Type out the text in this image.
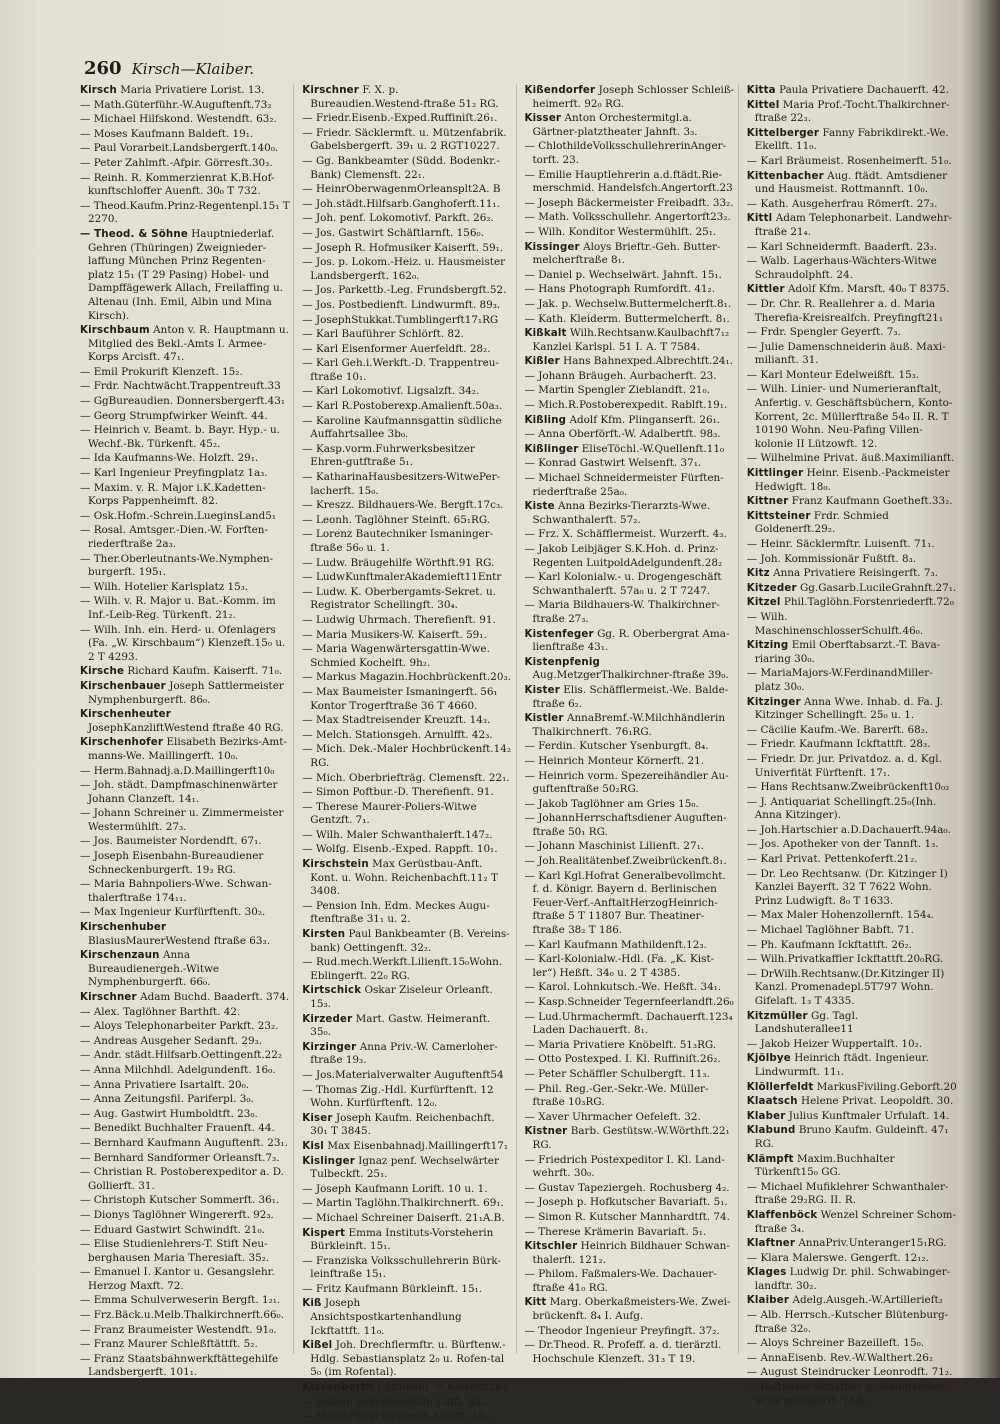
260 Kirsch—Klaiber.
Kirsch Maria Privatiere Lorist. 13.
— Math.Güterführ.-W.Auguftenft.73₂
— Michael Hilfskond. Westendft. 63₂.
— Moses Kaufmann Baldeft. 19₁.
— Paul Vorarbeit.Landsbergerft.140₀.
— Peter Zahlmft.-Afpir. Görresft.30₃.
— Reinh. R. Kommerzienrat K.B.Hof-kunftschloffer Auenft. 30₀ T 732.
— Theod.Kaufm.Prinz-Regentenpl.15₁ T 2270.
— Theod. & Söhne Hauptniederlaf. Gehren (Thüringen) Zweignieder-laffung München Prinz Regenten-platz 15₁ (T 29 Pasing) Hobel- und Dampffägewerk Allach, Freilaffing u. Altenau (Inh. Emil, Albin und Mina Kirsch).
Kirschbaum Anton v. R. Hauptmann u. Mitglied des Bekl.-Amts I. Armee-Korps Arcisft. 47₁.
— Emil Prokurift Klenzeft. 15₂.
— Frdr. Nachtwächt.Trappentreuft.33
— GgBureaudien. Donnersbergerft.43₁
— Georg Strumpfwirker Weinft. 44.
— Heinrich v. Beamt. b. Bayr. Hyp.- u. Wechf.-Bk. Türkenft. 45₂.
— Ida Kaufmanns-We. Holzft. 29₁.
— Karl Ingenieur Preyfingplatz 1a₃.
— Maxim. v. R. Major i.K.Kadetten-Korps Pappenheimft. 82.
— Osk.Hofm.-Schrein.LueginsLand5₁
— Rosal. Amtsger.-Dien.-W. Forften-riederftraße 2a₃.
— Ther.Oberleutnants-We.Nymphen-burgerft. 195₁.
— Wilh. Hotelier Karlsplatz 15₃.
— Wilh. v. R. Major u. Bat.-Komm. im Inf.-Leib-Reg. Türkenft. 21₂.
— Wilh. Inh. ein. Herd- u. Ofenlagers (Fa. „W. Kirschbaum“) Klenzeft.15₀ u. 2 T 4293.
Kirsche Richard Kaufm. Kaiserft. 71₀.
Kirschenbauer Joseph Sattlermeister Nymphenburgerft. 86₀.
Kirschenheuter JosephKanzliftWestend ftraße 40 RG.
Kirschenhofer Elisabeth Bezirks-Amt-manns-We. Maillingerft. 10₀.
— Herm.Bahnadj.a.D.Maillingerft10₀
— Joh. städt. Dampfmaschinenwärter Johann Clanzeft. 14₁.
— Johann Schreiner u. Zimmermeister Westermühlft. 27₃.
— Jos. Baumeister Nordendft. 67₁.
— Joseph Eisenbahn-Bureaudiener Schneckenburgerft. 19₃ RG.
— Maria Bahnpoliers-Wwe. Schwan-thalerftraße 174₁₁.
— Max Ingenieur Kurfürftenft. 30₂.
Kirschenhuber BlasiusMaurerWestend ftraße 63₃.
Kirschenzaun Anna Bureaudienergeh.-Witwe Nymphenburgerft. 66₀.
Kirschner Adam Buchd. Baaderft. 374.
— Alex. Taglöhner Barthft. 42.
— Aloys Telephonarbeiter Parkft. 23₂.
— Andreas Ausgeher Sedanft. 29₃.
— Andr. städt.Hilfsarb.Oettingenft.22₂
— Anna Milchhdl. Adelgundenft. 16₀.
— Anna Privatiere Isartalft. 20₀.
— Anna Zeitungsfil. Pariferpl. 3₀.
— Aug. Gastwirt Humboldtft. 23₀.
— Benedikt Buchhalter Frauenft. 44.
— Bernhard Kaufmann Auguftenft. 23₁.
— Bernhard Sandformer Orleansft.7₃.
— Christian R. Postoberexpeditor a. D. Gollierft. 31.
— Christoph Kutscher Sommerft. 36₁.
— Dionys Taglöhner Wingererft. 92₃.
— Eduard Gastwirt Schwindft. 21₀.
— Elise Studienlehrers-T. Stift Neu-berghausen Maria Theresiaft. 35₂.
— Emanuel I. Kantor u. Gesangslehr. Herzog Maxft. 72.
— Emma Schulverweserin Bergft. 1₂₁.
— Frz.Bäck.u.Melb.Thalkirchnerft.66₀.
— Franz Braumeister Westendft. 91₀.
— Franz Maurer Schleßftättft. 5₂.
— Franz Staatsbahnwerkftättegehilfe Landsbergerft. 101₁.
Kirschner F. X. p. Bureaudien.Westend-ftraße 51₂ RG.
— Friedr.Eisenb.-Exped.Ruffiniſt.26₁.
— Friedr. Säcklermft. u. Mützenfabrik. Gabelsbergerft. 39₁ u. 2 RGT10227.
— Gg. Bankbeamter (Südd. Bodenkr.-Bank) Clemensft. 22₁.
— HeinrOberwagenmOrleansplt2A. B
— Joh.städt.Hilfsarb.Ganghoferft.11₁.
— Joh. penf. Lokomotivf. Parkft. 26₂.
— Jos. Gastwirt Schäftlarnft. 156₀.
— Joseph R. Hofmusiker Kaiserft. 59₁.
— Jos. p. Lokom.-Heiz. u. Hausmeister Landsbergerft. 162₀.
— Jos. Parkettb.-Leg. Frundsbergft.52.
— Jos. Postbedienft. Lindwurmft. 89₃.
— JosephStukkat.Tumblingerft17₁RG
— Karl Bauführer Schlörft. 82.
— Karl Eisenformer Auerfeldft. 28₂.
— Karl Geh.i.Werkft.-D. Trappentreu-ftraße 10₁.
— Karl Lokomotivf. Ligsalzft. 34₂.
— Karl R.Postoberexp.Amalienft.50a₃.
— Karoline Kaufmannsgattin südliche Auffahrtsallee 3b₀.
— Kasp.vorm.Fuhrwerksbesitzer Ehren-gutftraße 5₁.
— KatharinaHausbesitzers-WitwePer-lacherft. 15₀.
— Kreszz. Bildhauers-We. Bergft.17c₃.
— Leonh. Taglöhner Steinft. 65₁RG.
— Lorenz Bautechniker Ismaninger-ftraße 56₀ u. 1.
— Ludw. Bräugehilfe Wörthft.91 RG.
— LudwKunftmalerAkademieft11Entr
— Ludw. K. Oberbergamts-Sekret. u. Registrator Schellingft. 30₄.
— Ludwig Uhrmach. Therefienft. 91.
— Maria Musikers-W. Kaiserft. 59₁.
— Maria Wagenwärtersgattin-Wwe. Schmied Kochelft. 9h₂.
— Markus Magazin.Hochbrückenft.20₃.
— Max Baumeister Ismaningerft. 56₁ Kontor Trogerftraße 36 T 4660.
— Max Stadtreisender Kreuzft. 14₃.
— Melch. Stationsgeh. Arnulfft. 42₃.
— Mich. Dek.-Maler Hochbrückenft.14₂ RG.
— Mich. Oberbriefträg. Clemensft. 22₁.
— Simon Poftbur.-D. Therefienft. 91.
— Therese Maurer-Poliers-Witwe Gentzft. 7₁.
— Wilh. Maler Schwanthalerft.147₂.
— Wolfg. Eisenb.-Exped. Rappft. 10₁.
Kirschstein Max Gerüstbau-Anft. Kont. u. Wohn. Reichenbachft.11₂ T 3408.
— Pension Inh. Edm. Meckes Augu-ftenftraße 31₁ u. 2.
Kirsten Paul Bankbeamter (B. Vereins-bank) Oettingenft. 32₂.
— Rud.mech.Werkft.Lilienft.15₀Wohn. Eblingerft. 22₀ RG.
Kirtschick Oskar Ziseleur Orleanft. 15₃.
Kirzeder Mart. Gastw. Heimeranft. 35₀.
Kirzinger Anna Priv.-W. Camerloher-ftraße 19₃.
— Jos.Materialverwalter Auguftenft54
— Thomas Zig.-Hdl. Kurfürftenft. 12 Wohn. Kurfürftenft. 12₀.
Kiser Joseph Kaufm. Reichenbachft. 30₁ T 3845.
Kisl Max Eisenbahnadj.Maillingerft17₁
Kislinger Ignaz penf. Wechselwärter Tulbeckft. 25₁.
— Joseph Kaufmann Lorift. 10 u. 1.
— Martin Taglöhn.Thalkirchnerft. 69₁.
— Michael Schreiner Daiserft. 21₁A.B.
Kispert Emma Instituts-Vorsteherin Bürkleinft. 15₁.
— Franziska Volksschullehrerin Bürk-leinftraße 15₁.
— Fritz Kaufmann Bürkleinft. 15₁.
Kiß Joseph Ansichtspostkartenhandlung Ickftattft. 11₀.
Kißel Joh. Drechflermftr. u. Bürftenw.-Hdlg. Sebastiansplatz 2₀ u. Rofen-tal 5₀ (im Rofental).
Kissenberth I.Studienl. W.Kaiserft28₂.
— Johann Schreibgehilfe Lutft. 92₁.
— Maria Sprachlehrerin Karlft. 45₂.
Kißendorfer Joseph Schlosser Schleiß-heimerft. 92₀ RG.
Kisser Anton Orchestermitgl.a. Gärtner-platztheater Jahnft. 3₃.
— ChlothildeVolksschullehrerinAnger-torft. 23.
— Emilie Hauptlehrerin a.d.ftädt.Rie-merschmid. Handelsfch.Angertorft.23
— Joseph Bäckermeister Freibadft. 33₂.
— Math. Volksschullehr. Angertorft23₂.
— Wilh. Konditor Westermühlft. 25₁.
Kissinger Aloys Brieftr.-Geh. Butter-melcherftraße 8₁.
— Daniel p. Wechselwärt. Jahnft. 15₁.
— Hans Photograph Rumfordft. 41₂.
— Jak. p. Wechselw.Buttermelcherft.8₁.
— Kath. Kleiderm. Buttermelcherft. 8₁.
Kißkalt Wilh.Rechtsanw.Kaulbachft7₁₂ Kanzlei Karlspl. 51 I. A. T 7584.
Kißler Hans Bahnexped.Albrechtft.24₁.
— Johann Bräugeh. Aurbacherft. 23.
— Martin Spengler Zieblandft. 21₀.
— Mich.R.Postoberexpedit. Rablft.19₁.
Kißling Adolf Kfm. Plinganserft. 26₁.
— Anna Oberförft.-W. Adalbertft. 98₃.
Kißlinger EliseTöchl.-W.Quellenft.11₀
— Konrad Gastwirt Welsenft. 37₁.
— Michael Schneidermeister Fürften-riederftraße 25a₀.
Kiste Anna Bezirks-Tierarzts-Wwe. Schwanthalerft. 57₂.
— Frz. X. Schäfflermeist. Wurzerft. 4₃.
— Jakob Leibjäger S.K.Hoh. d. Prinz-Regenten LuitpoldAdelgundenft.28₂
— Karl Kolonialw.- u. Drogengeschäft Schwanthalerft. 57a₀ u. 2 T 7247.
— Maria Bildhauers-W. Thalkirchner-ftraße 27₃.
Kistenfeger Gg. R. Oberbergrat Ama-lienftraße 43₁.
Kistenpfenig Aug.MetzgerThalkirchner-ftraße 39₀.
Kister Elis. Schäfflermeist.-We. Balde-ftraße 6₂.
Kistler AnnaBremf.-W.Milchhändlerin Thalkirchnerft. 76₁RG.
— Ferdin. Kutscher Ysenburgft. 8₄.
— Heinrich Monteur Körnerft. 21.
— Heinrich vorm. Spezereihändler Au-guftenftraße 50₂RG.
— Jakob Taglöhner am Gries 15₀.
— JohannHerrschaftsdiener Auguften-ftraße 50₁ RG.
— Johann Maschinist Lilienft. 27₁.
— Joh.Realitätenbef.Zweibrückenft.8₁.
— Karl Kgl.Hofrat Generalbevollmcht. f. d. Königr. Bayern d. Berlinischen Feuer-Verf.-AnftaltHerzogHeinrich-ftraße 5 T 11807 Bur. Theatiner-ftraße 38₂ T 186.
— Karl Kaufmann Mathildenft.12₃.
— Karl-Kolonialw.-Hdl. (Fa. „K. Kist-ler“) Heßft. 34₀ u. 2 T 4385.
— Karol. Lohnkutsch.-We. Heßft. 34₁.
— Kasp.Schneider Tegernfeerlandft.26₀
— Lud.Uhrmachermft. Dachauerft.123₄ Laden Dachauerft. 8₁.
— Maria Privatiere Knöbelft. 51₃RG.
— Otto Postexped. I. Kl. Ruffiniſt.26₂.
— Peter Schäffler Schulbergft. 11₃.
— Phil. Reg.-Ger.-Sekr.-We. Müller-ftraße 10₃RG.
— Xaver Uhrmacher Oefeleft. 32.
Kistner Barb. Gestütsw.-W.Wörthft.22₁ RG.
— Friedrich Postexpeditor I. Kl. Land-wehrft. 30₀.
— Gustav Tapeziergeh. Rochusberg 4₂.
— Joseph p. Hofkutscher Bavariaft. 5₁.
— Simon R. Kutscher Mannhardtft. 74.
— Therese Krämerin Bavariaft. 5₁.
Kitschler Heinrich Bildhauer Schwan-thalerft. 121₂.
— Philom. Faßmalers-We. Dachauer-ftraße 41₀ RG.
Kitt Marg. Oberkaßmeisters-We. Zwei-brückenft. 8₄ I. Aufg.
— Theodor Ingenieur Preyfingft. 37₂.
— Dr.Theod. R. Profeff. a. d. tierärztl. Hochschule Klenzeft. 31₃ T 19.
Kitta Paula Privatiere Dachauerft. 42.
Kittel Maria Prof.-Tocht.Thalkirchner-ftraße 22₃.
Kittelberger Fanny Fabrikdirekt.-We. Ekellft. 11₀.
— Karl Bräumeist. Rosenheimerft. 51₀.
Kittenbacher Aug. ftädt. Amtsdiener und Hausmeist. Rottmannft. 10₀.
— Kath. Ausgeherfrau Römerft. 27₃.
Kittl Adam Telephonarbeit. Landwehr-ftraße 21₄.
— Karl Schneidermft. Baaderft. 23₃.
— Walb. Lagerhaus-Wächters-Witwe Schraudolphft. 24.
Kittler Adolf Kfm. Marsft. 40₀ T 8375.
— Dr. Chr. R. Reallehrer a. d. Maria Therefia-Kreisrealfch. Preyfingft21₁
— Frdr. Spengler Geyerft. 7₃.
— Julie Damenschneiderin äuß. Maxi-milianft. 31.
— Karl Monteur Edelweißft. 15₃.
— Wilh. Linier- und Numerieranftalt, Anfertig. v. Geschäftsbüchern, Konto-Korrent, 2c. Müllerftraße 54₀ II. R. T 10190 Wohn. Neu-Pafing Villen-kolonie II Lützowft. 12.
— Wilhelmine Privat. äuß.Maximilianft.
Kittlinger Heinr. Eisenb.-Packmeister Hedwigft. 18₀.
Kittner Franz Kaufmann Goetheft.33₂.
Kittsteiner Frdr. Schmied Goldenerft.29₂.
— Heinr. Säcklermftr. Luisenft. 71₁.
— Joh. Kommissionär Fußtft. 8₃.
Kitz Anna Privatiere Reisingerft. 7₃.
Kitzeder Gg.Gasarb.LucileGrahnft.27₁.
Kitzel Phil.Taglöhn.Forstenriederft.72₀
— Wilh. MaschinenschlosserSchulft.46₀.
Kitzing Emil Oberftabsarzt.-T. Bava-riaring 30₀.
— MariaMajors-W.FerdinandMiller-platz 30₀.
Kitzinger Anna Wwe. Inhab. d. Fa. J. Kitzinger Schellingft. 25₀ u. 1.
— Cäcilie Kaufm.-We. Barerft. 68₂.
— Friedr. Kaufmann Ickftattft. 28₃.
— Friedr. Dr. jur. Privatdoz. a. d. Kgl. Univerfität Fürftenft. 17₁.
— Hans Rechtsanw.Zweibrückenft10₀₂
— J. Antiquariat Schellingft.25₀(Inh. Anna Kitzinger).
— Joh.Hartschier a.D.Dachauerft.94a₀.
— Jos. Apotheker von der Tannft. 1₃.
— Karl Privat. Pettenkoferft.21₂.
— Dr. Leo Rechtsanw. (Dr. Kitzinger I) Kanzlei Bayerft. 32 T 7622 Wohn. Prinz Ludwigft. 8₀ T 1633.
— Max Maler Hohenzollernft. 154₄.
— Michael Taglöhner Babft. 71.
— Ph. Kaufmann Ickftattft. 26₂.
— Wilh.Privatkaffier Ickftattft.20₀RG.
— DrWilh.Rechtsanw.(Dr.Kitzinger II) Kanzl. Promenadepl.5T797 Wohn. Gifelaft. 1₃ T 4335.
Kitzmüller Gg. Tagl. Landshuterallee11
— Jakob Heizer Wuppertalft. 10₂.
Kjölbye Heinrich ftädt. Ingenieur. Lindwurmft. 11₁.
Klöllerfeldt MarkusFiviling.Geborft.20
Klaatsch Helene Privat. Leopoldft. 30.
Klaber Julius Kunftmaler Urfulaft. 14.
Klabund Bruno Kaufm. Guldeinft. 47₁ RG.
Klämpft Maxim.Buchhalter Türkenft15₀ GG.
— Michael Mufiklehrer Schwanthaler-ftraße 29₂RG. II. R.
Klaffenböck Wenzel Schreiner Schom-ftraße 3₄.
Klaftner AnnaPriv.Unteranger15₁RG.
— Klara Malerswe. Gengerft. 12₁₂.
Klages Ludwig Dr. phil. Schwabinger-landftr. 30₂.
Klaiber Adelg.Ausgeh.-W.Artillerieft₂
— Alb. Herrsch.-Kutscher Blütenburg-ftraße 32₀.
— Aloys Schreiner Bazeilleft. 15₀.
— AnnaEisenb. Rev.-W.Walthert.26₂
— August Steindrucker Leonrodft. 71₂.
— Balthasar Schäffler u. Weinhändler Schwanthalerft. 184₀.
